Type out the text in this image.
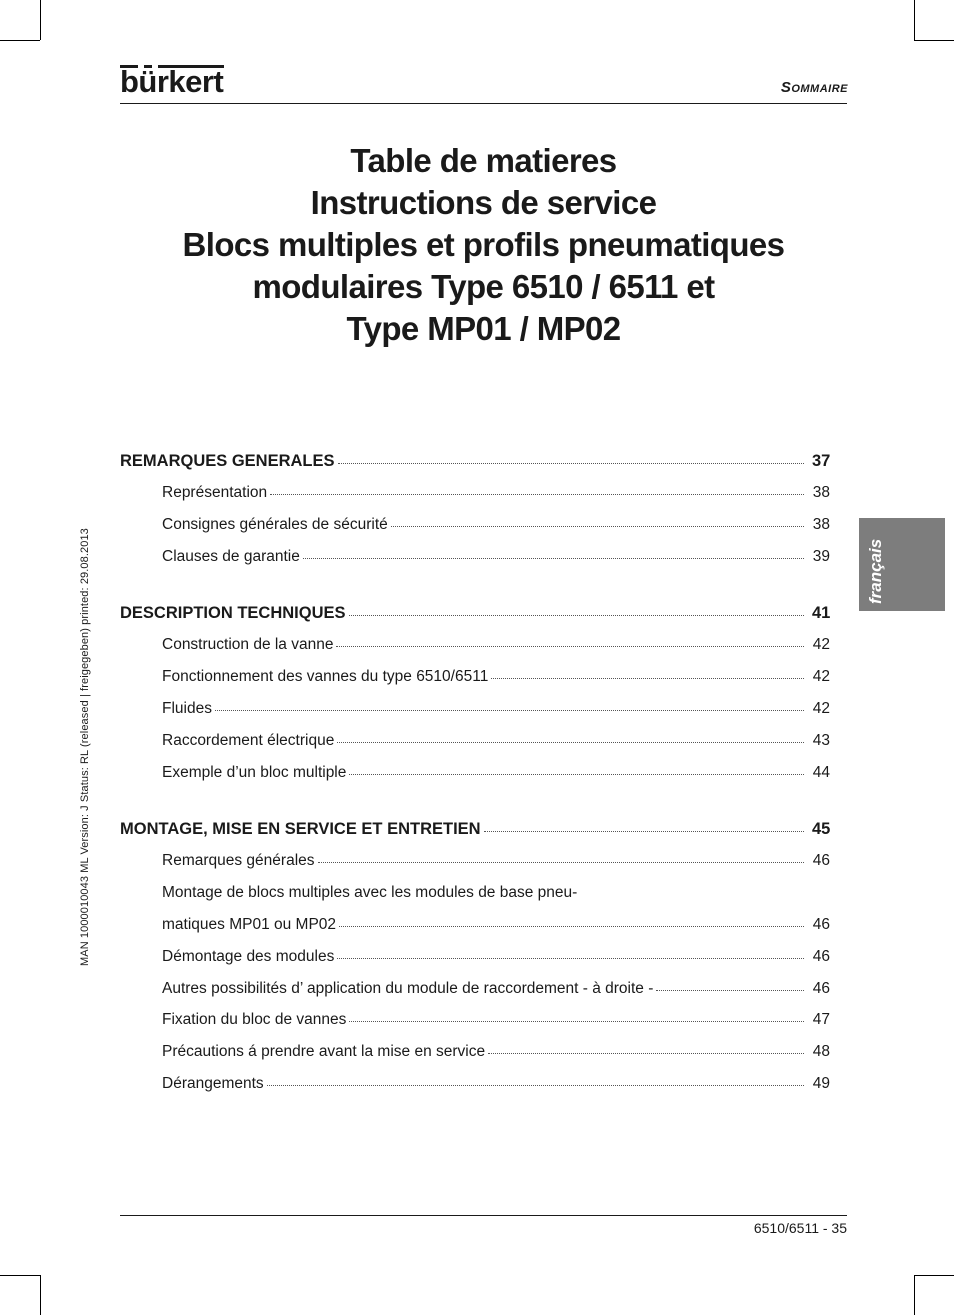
bürkert	Sommaire
Table de matieres
Instructions de service
Blocs multiples et profils pneumatiques
modulaires Type 6510 / 6511 et
Type MP01 / MP02
REMARQUES GENERALES	37
Représentation	38
Consignes générales de sécurité	38
Clauses de garantie	39
DESCRIPTION TECHNIQUES	41
Construction de la vanne	42
Fonctionnement des vannes du type 6510/6511	42
Fluides	42
Raccordement électrique	43
Exemple d’un bloc multiple	44
MONTAGE, MISE EN SERVICE ET ENTRETIEN	45
Remarques générales	46
Montage de blocs multiples avec les modules de base pneu-
matiques MP01 ou MP02	46
Démontage des modules	46
Autres possibilités d’ application du module de raccordement - à droite -	46
Fixation du bloc de vannes	47
Précautions á prendre avant la mise en service	48
Dérangements	49
MAN 1000010043 ML Version: J Status: RL (released | freigegeben) printed: 29.08.2013	français
6510/6511 - 35
